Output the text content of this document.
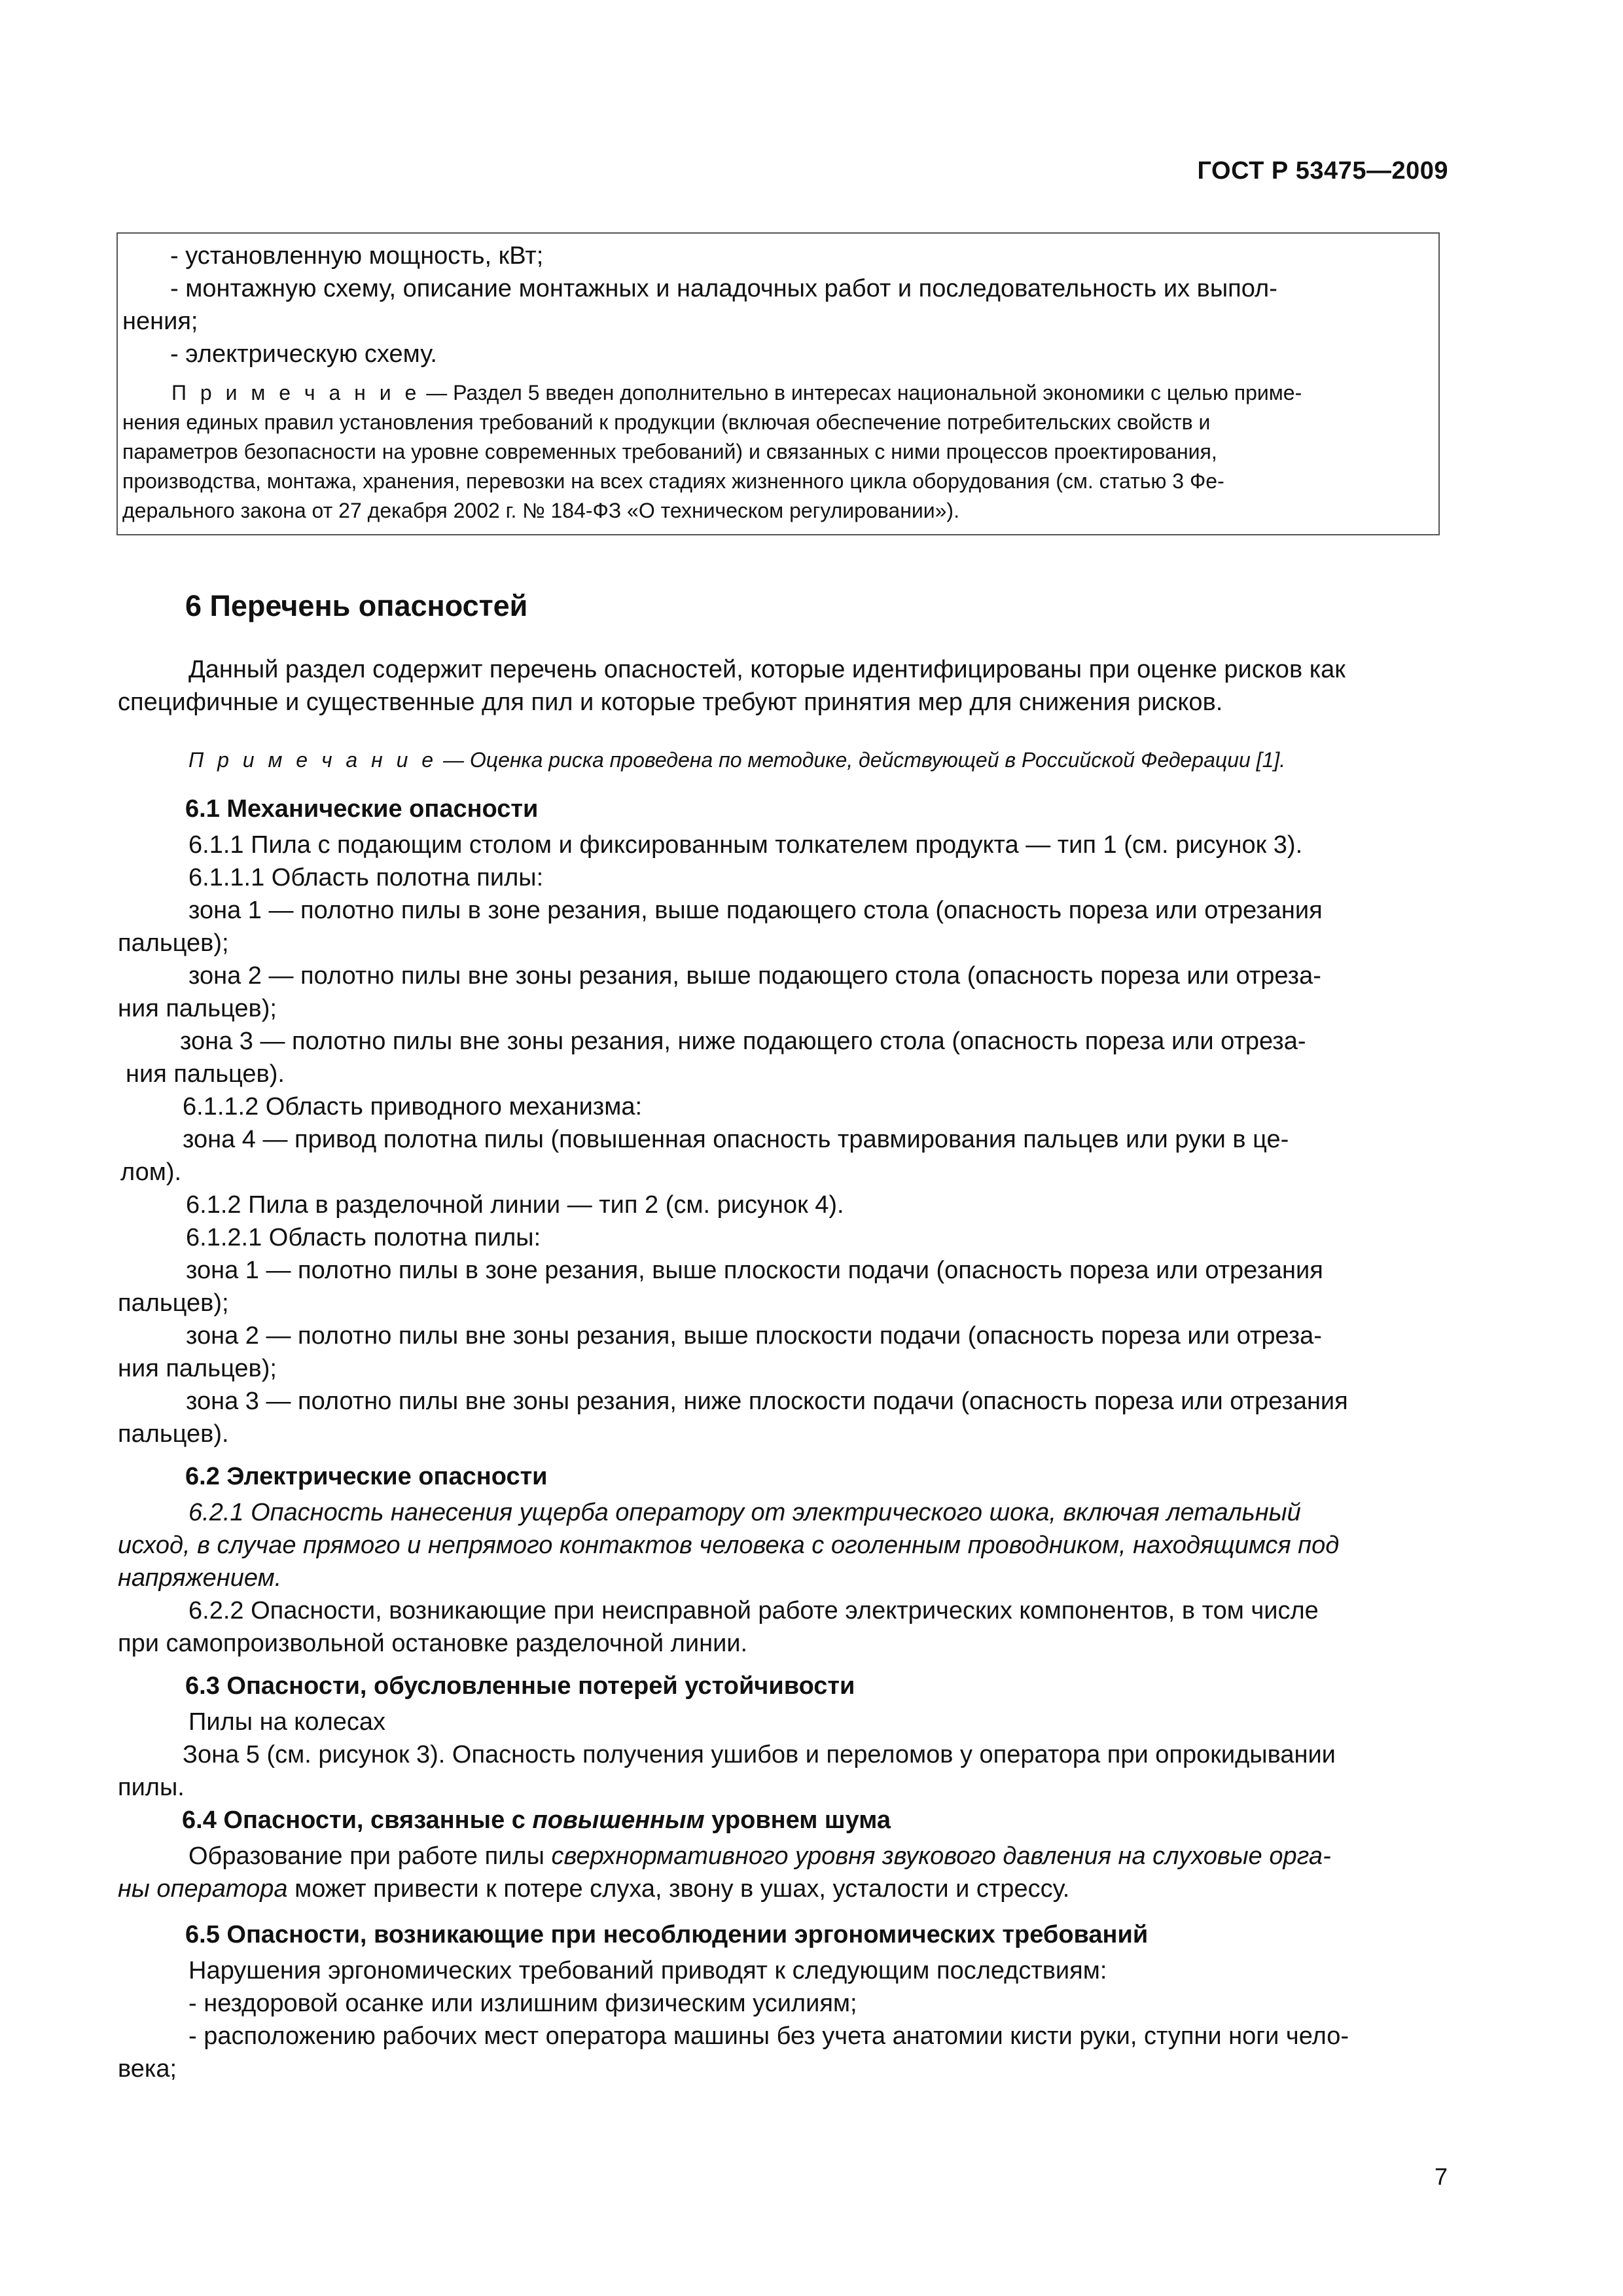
ГОСТ Р 53475—2009
- установленную мощность, кВт;
- монтажную схему, описание монтажных и наладочных работ и последовательность их выпол-
нения;
- электрическую схему.
П р и м е ч а н и е — Раздел 5 введен дополнительно в интересах национальной экономики с целью приме-
нения единых правил установления требований к продукции (включая обеспечение потребительских свойств и
параметров безопасности на уровне современных требований) и связанных с ними процессов проектирования,
производства, монтажа, хранения, перевозки на всех стадиях жизненного цикла оборудования (см. статью 3 Фе-
дерального закона от 27 декабря 2002 г. № 184-ФЗ «О техническом регулировании»).
6 Перечень опасностей
Данный раздел содержит перечень опасностей, которые идентифицированы при оценке рисков как
специфичные и существенные для пил и которые требуют принятия мер для снижения рисков.
П р и м е ч а н и е — Оценка риска проведена по методике, действующей в Российской Федерации [1].
6.1 Механические опасности
6.1.1 Пила с подающим столом и фиксированным толкателем продукта — тип 1 (см. рисунок 3).
6.1.1.1 Область полотна пилы:
зона 1 — полотно пилы в зоне резания, выше подающего стола (опасность пореза или отрезания
пальцев);
зона 2 — полотно пилы вне зоны резания, выше подающего стола (опасность пореза или отреза-
ния пальцев);
зона 3 — полотно пилы вне зоны резания, ниже подающего стола (опасность пореза или отреза-
ния пальцев).
6.1.1.2 Область приводного механизма:
зона 4 — привод полотна пилы (повышенная опасность травмирования пальцев или руки в це-
лом).
6.1.2 Пила в разделочной линии — тип 2 (см. рисунок 4).
6.1.2.1 Область полотна пилы:
зона 1 — полотно пилы в зоне резания, выше плоскости подачи (опасность пореза или отрезания
пальцев);
зона 2 — полотно пилы вне зоны резания, выше плоскости подачи (опасность пореза или отреза-
ния пальцев);
зона 3 — полотно пилы вне зоны резания, ниже плоскости подачи (опасность пореза или отрезания
пальцев).
6.2 Электрические опасности
6.2.1 Опасность нанесения ущерба оператору от электрического шока, включая летальный
исход, в случае прямого и непрямого контактов человека с оголенным проводником, находящимся под
напряжением.
6.2.2 Опасности, возникающие при неисправной работе электрических компонентов, в том числе
при самопроизвольной остановке разделочной линии.
6.3 Опасности, обусловленные потерей устойчивости
Пилы на колесах
Зона 5 (см. рисунок 3). Опасность получения ушибов и переломов у оператора при опрокидывании
пилы.
6.4 Опасности, связанные с повышенным уровнем шума
Образование при работе пилы сверхнормативного уровня звукового давления на слуховые орга-
ны оператора может привести к потере слуха, звону в ушах, усталости и стрессу.
6.5 Опасности, возникающие при несоблюдении эргономических требований
Нарушения эргономических требований приводят к следующим последствиям:
- нездоровой осанке или излишним физическим усилиям;
- расположению рабочих мест оператора машины без учета анатомии кисти руки, ступни ноги чело-
века;
7
